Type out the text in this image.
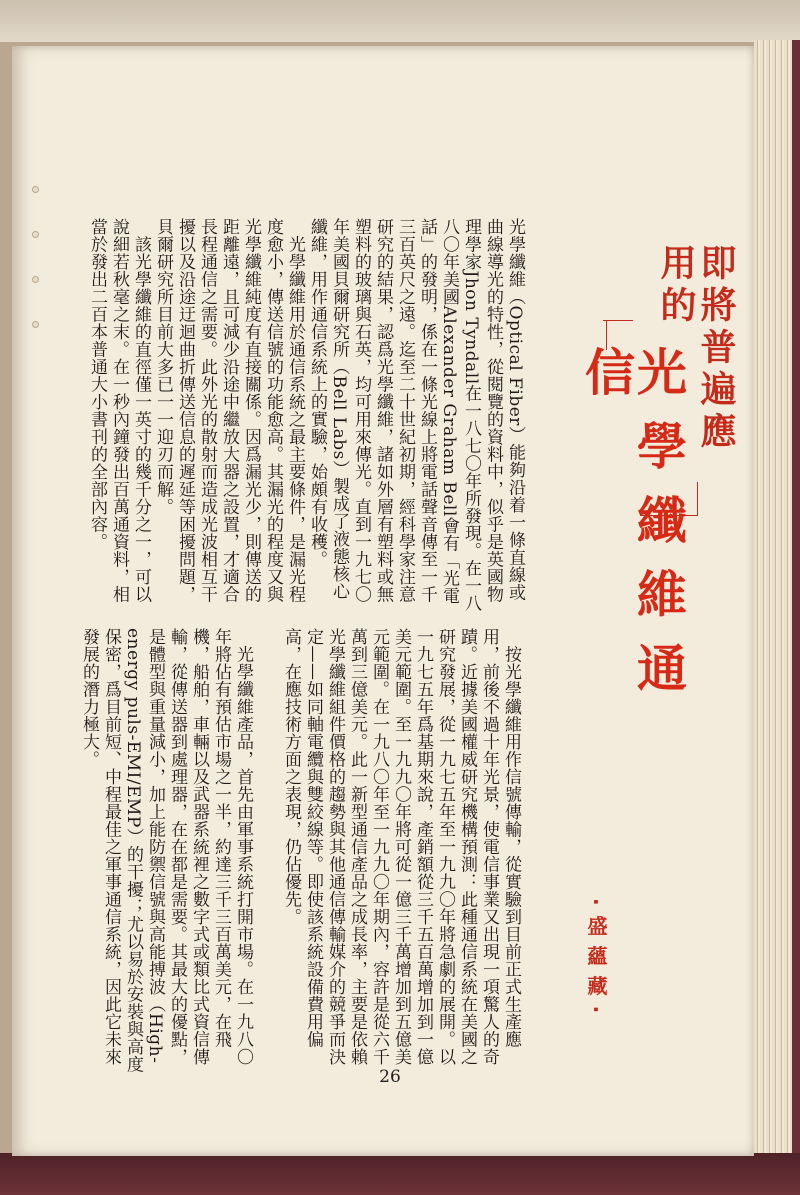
即將普遍應用的
光學纖維通信
·盛蘊藏·
光學纖維（Optical Fiber）能夠沿着一條直線或曲線導光的特性，從閱覽的資料中，似乎是英國物理學家Jhon Tyndall在一八七〇年所發現。在一八八〇年美國Alexander Graham Bell會有「光電話」的發明，係在一條光線上將電話聲音傳至一千三百英尺之遠。迄至二十世紀初期，經科學家注意研究的結果，認爲光學纖維，諸如外層有塑料或無塑料的玻璃與石英，均可用來傳光。直到一九七〇年美國貝爾研究所（Bell Labs）製成了液態核心纖維，用作通信系統上的實驗，始頗有收穫。
　光學纖維用於通信系統之最主要條件，是漏光程度愈小，傳送信號的功能愈高。其漏光的程度又與光學纖維純度有直接關係。因爲漏光少，則傳送的距離遠，且可減少沿途中繼放大器之設置，才適合長程通信之需要。此外光的散射而造成光波相互干擾以及沿途迂迴曲折傳送信息的遲延等困擾問題，貝爾研究所目前大多已一一迎刃而解。
　該光學纖維的直徑僅一英寸的幾千分之一，可以說細若秋毫之末。在一秒內鐘發出百萬通資料，相當於發出二百本普通大小書刊的全部內容。
　按光學纖維用作信號傳輸，從實驗到目前正式生產應用，前後不過十年光景，使電信事業又出現一項驚人的奇蹟。近據美國權威研究機構預測：此種通信系統在美國之研究發展，從一九七五年至一九九〇年將急劇的展開。以一九七五年爲基期來說，產銷額從三千五百萬增加到一億美元範圍。至一九九〇年將可從一億三千萬增加到五億美元範圍。在一九八〇年至一九九〇年期內，容許是從六千萬到三億美元。此一新型通信產品之成長率，主要是依賴光學纖維組件價格的趨勢與其他通信傳輸媒介的競爭而決定——如同軸電纜與雙絞線等。即使該系統設備費用偏高，在應技術方面之表現，仍佔優先。
　光學纖維產品，首先由軍事系統打開市場。在一九八〇年將佔有預估市場之一半，約達三千三百萬美元，在飛機，船舶，車輛以及武器系統裡之數字式或類比式資信傳輸，從傳送器到處理器，在在都是需要。其最大的優點，是體型與重量減小，加上能防禦信號與高能搏波（High-energy puls-EMI/EMP）的干擾；尤以易於安裝與高度保密，爲目前短、中程最佳之軍事通信系統，因此它未來發展的潛力極大。
26
